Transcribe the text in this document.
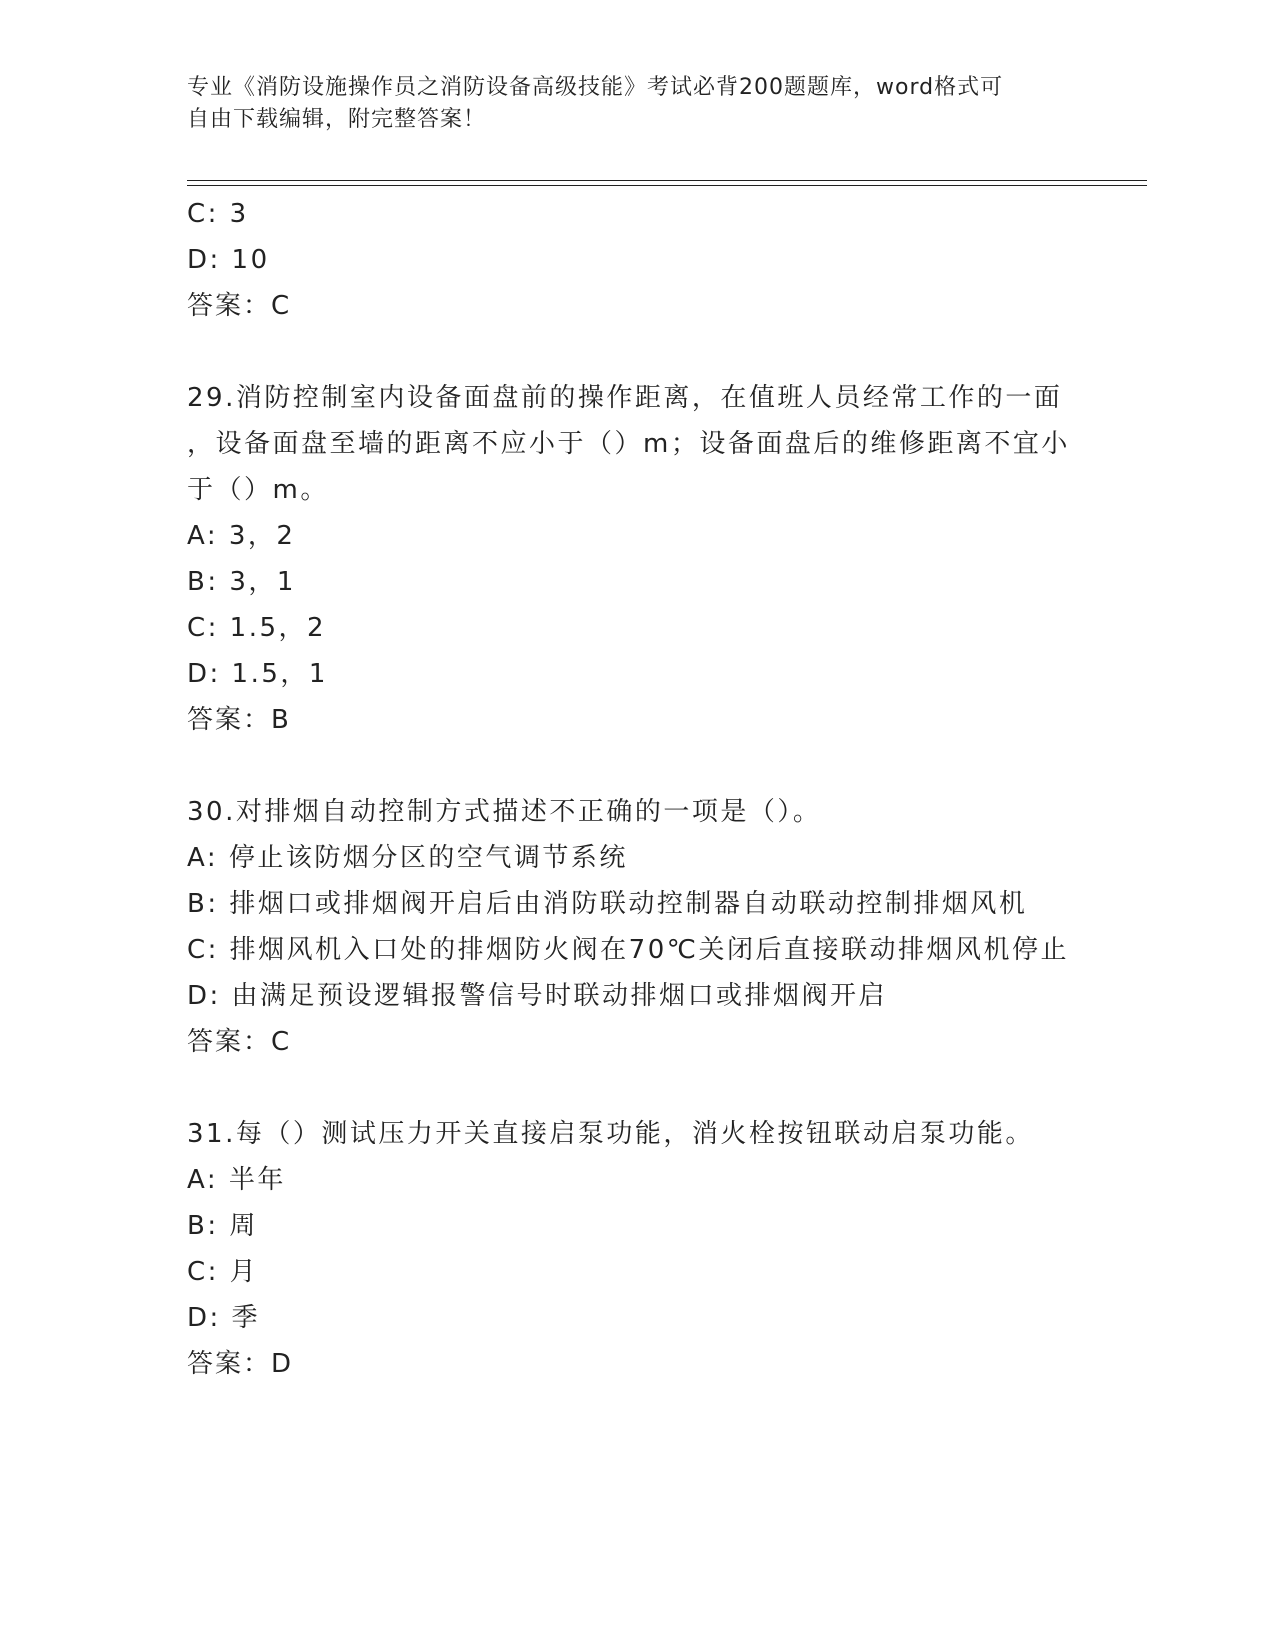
专业《消防设施操作员之消防设备高级技能》考试必背200题题库，word格式可
自由下载编辑，附完整答案！
C: 3
D: 10
答案：C
29.消防控制室内设备面盘前的操作距离，在值班人员经常工作的一面
，设备面盘至墙的距离不应小于（）m；设备面盘后的维修距离不宜小
于（）m。
A: 3，2
B: 3，1
C: 1.5，2
D: 1.5，1
答案：B
30.对排烟自动控制方式描述不正确的一项是（）。
A: 停止该防烟分区的空气调节系统
B: 排烟口或排烟阀开启后由消防联动控制器自动联动控制排烟风机
C: 排烟风机入口处的排烟防火阀在70℃关闭后直接联动排烟风机停止
D: 由满足预设逻辑报警信号时联动排烟口或排烟阀开启
答案：C
31.每（）测试压力开关直接启泵功能，消火栓按钮联动启泵功能。
A: 半年
B: 周
C: 月
D: 季
答案：D
